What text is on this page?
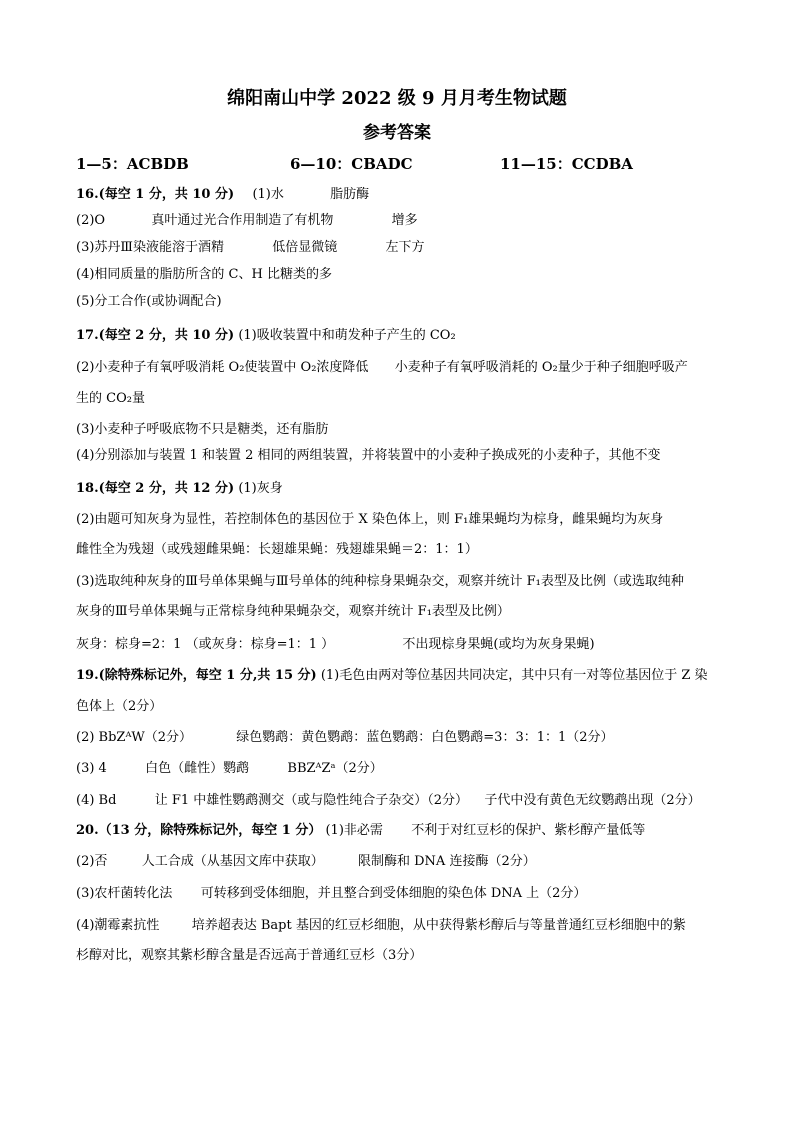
绵阳南山中学 2022 级 9 月月考生物试题
参考答案
1—5：ACBDB	6—10：CBADC	11—15：CCDBA
16.(每空 1 分，共 10 分) (1)水	脂肪酶
(2)O	真叶通过光合作用制造了有机物	增多
(3)苏丹Ⅲ染液能溶于酒精	低倍显微镜	左下方
(4)相同质量的脂肪所含的 C、H 比糖类的多
(5)分工合作(或协调配合)
17.(每空 2 分，共 10 分) (1)吸收装置中和萌发种子产生的 CO₂
(2)小麦种子有氧呼吸消耗 O₂使装置中 O₂浓度降低 小麦种子有氧呼吸消耗的 O₂量少于种子细胞呼吸产
生的 CO₂量
(3)小麦种子呼吸底物不只是糖类，还有脂肪
(4)分别添加与装置 1 和装置 2 相同的两组装置，并将装置中的小麦种子换成死的小麦种子，其他不变
18.(每空 2 分，共 12 分) (1)灰身
(2)由题可知灰身为显性，若控制体色的基因位于 X 染色体上，则 F₁雄果蝇均为棕身，雌果蝇均为灰身
雌性全为残翅（或残翅雌果蝇：长翅雄果蝇：残翅雄果蝇＝2：1：1）
(3)选取纯种灰身的Ⅲ号单体果蝇与Ⅲ号单体的纯种棕身果蝇杂交，观察并统计 F₁表型及比例（或选取纯种
灰身的Ⅲ号单体果蝇与正常棕身纯种果蝇杂交，观察并统计 F₁表型及比例）
灰身：棕身=2：1 （或灰身：棕身=1：1 ）	不出现棕身果蝇(或均为灰身果蝇)
19.(除特殊标记外，每空 1 分,共 15 分) (1)毛色由两对等位基因共同决定，其中只有一对等位基因位于 Z 染
色体上（2分）
(2) BbZᴬW（2分）	绿色鹦鹉：黄色鹦鹉：蓝色鹦鹉：白色鹦鹉=3：3：1：1（2分）
(3) 4	白色（雌性）鹦鹉	BBZᴬZᵃ（2分）
(4) Bd	让 F1 中雄性鹦鹉测交（或与隐性纯合子杂交）（2分） 子代中没有黄色无纹鹦鹉出现（2分）
20.（13 分，除特殊标记外，每空 1 分） (1)非必需 不利于对红豆杉的保护、紫杉醇产量低等
(2)否	人工合成（从基因文库中获取）	限制酶和 DNA 连接酶（2分）
(3)农杆菌转化法 可转移到受体细胞，并且整合到受体细胞的染色体 DNA 上（2分）
(4)潮霉素抗性 培养超表达 Bapt 基因的红豆杉细胞，从中获得紫杉醇后与等量普通红豆杉细胞中的紫
杉醇对比，观察其紫杉醇含量是否远高于普通红豆杉（3分）
